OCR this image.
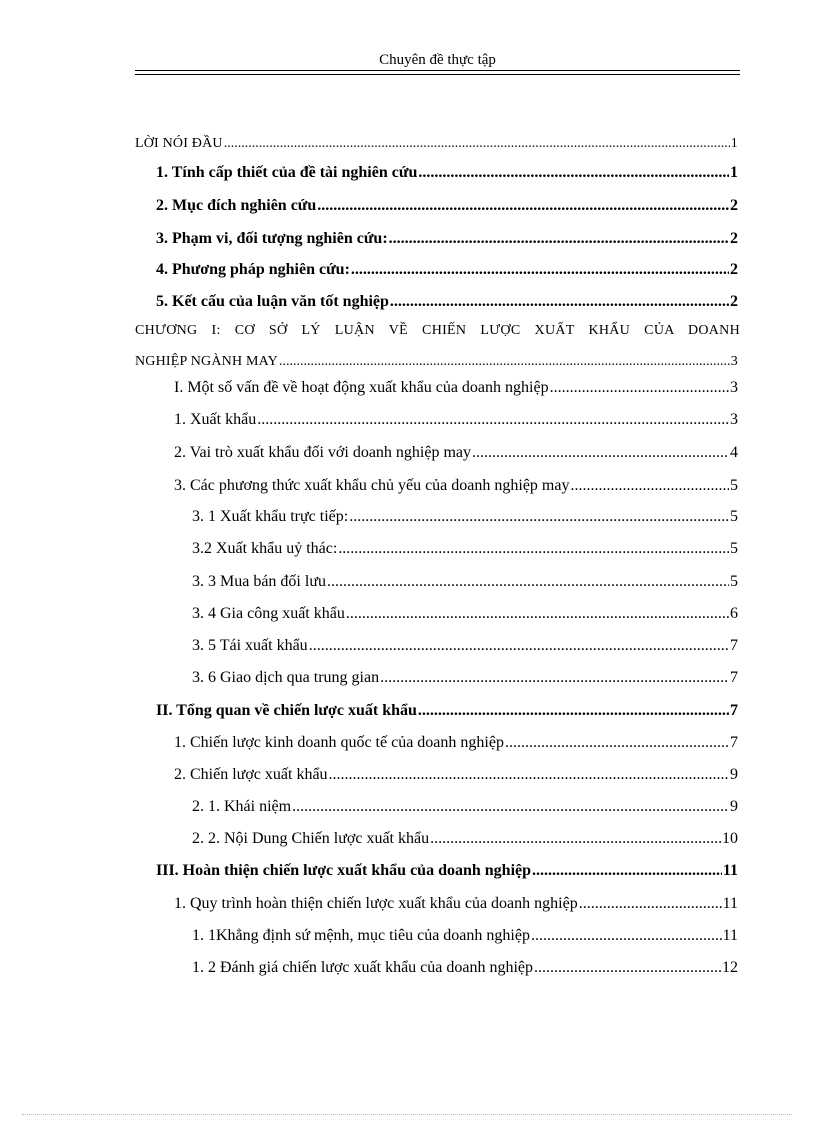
Chuyên đề thực tập
LỜI NÓI ĐẦU .....	1
1. Tính cấp thiết của đề tài nghiên cứu .....	1
2. Mục đích nghiên cứu .....	2
3. Phạm vi, đối tượng nghiên cứu: .....	2
4. Phương pháp nghiên cứu: .....	2
5. Kết cấu của luận văn tốt nghiệp .....	2
CHƯƠNG I: CƠ SỞ LÝ LUẬN VỀ CHIẾN LƯỢC XUẤT KHẨU CỦA DOANH
NGHIỆP NGÀNH MAY .....	3
I. Một số vấn đề về hoạt động xuất khẩu của doanh nghiệp .....	3
1. Xuất khẩu .....	3
2. Vai trò xuất khẩu đối với doanh nghiệp may .....	4
3. Các phương thức xuất khẩu chủ yếu của doanh nghiệp may .....	5
3. 1 Xuất khẩu trực tiếp: .....	5
3.2 Xuất khẩu uỷ thác: .....	5
3. 3 Mua bán đối lưu .....	5
3. 4 Gia công xuất khẩu .....	6
3. 5 Tái xuất khẩu .....	7
3. 6 Giao dịch qua trung gian .....	7
II. Tổng quan về chiến lược xuất khẩu .....	7
1. Chiến lược kinh doanh quốc tế của doanh nghiệp .....	7
2. Chiến lược xuất khẩu .....	9
2. 1. Khái niệm .....	9
2. 2. Nội Dung Chiến lược xuất khẩu .....	10
III. Hoàn thiện chiến lược xuất khẩu của doanh nghiệp .....	11
1. Quy trình hoàn thiện chiến lược xuất khẩu của doanh nghiệp .....	11
1. 1Khẳng định sứ mệnh, mục tiêu của doanh nghiệp .....	11
1. 2 Đánh giá chiến lược xuất khẩu của doanh nghiệp .....	12
